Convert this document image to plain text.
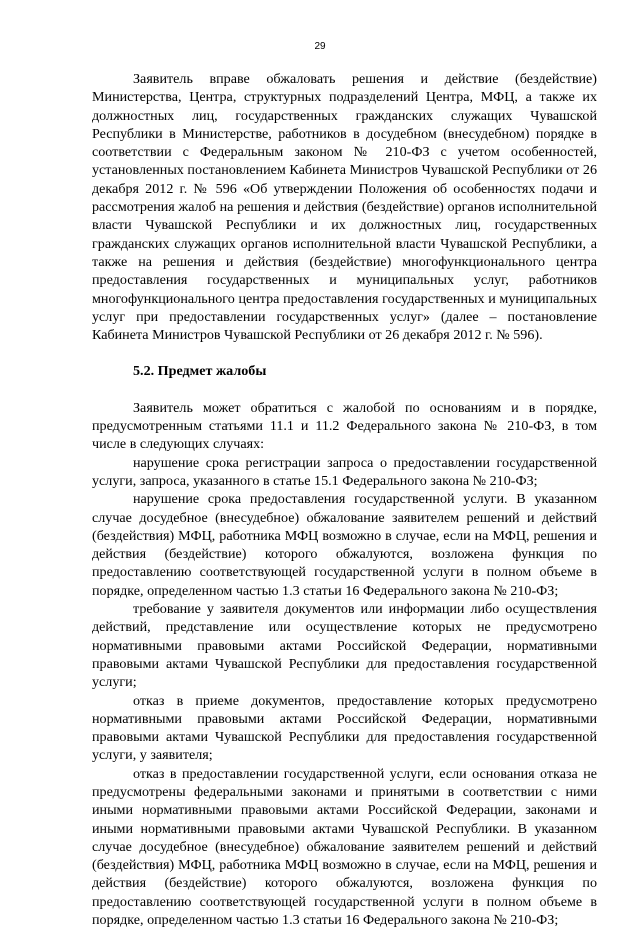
29

Заявитель вправе обжаловать решения и действие (бездействие) Министерства, Центра, структурных подразделений Центра, МФЦ, а также их должностных лиц, государственных гражданских служащих Чувашской Республики в Министерстве, работников в досудебном (внесудебном) порядке в соответствии с Федеральным законом № 210-ФЗ с учетом особенностей, установленных постановлением Кабинета Министров Чувашской Республики от 26 декабря 2012 г. № 596 «Об утверждении Положения об особенностях подачи и рассмотрения жалоб на решения и действия (бездействие) органов исполнительной власти Чувашской Республики и их должностных лиц, государственных гражданских служащих органов исполнительной власти Чувашской Республики, а также на решения и действия (бездействие) многофункционального центра предоставления государственных и муниципальных услуг, работников многофункционального центра предоставления государственных и муниципальных услуг при предоставлении государственных услуг» (далее – постановление Кабинета Министров Чувашской Республики от 26 декабря 2012 г. № 596).

5.2. Предмет жалобы

Заявитель может обратиться с жалобой по основаниям и в порядке, предусмотренным статьями 11.1 и 11.2 Федерального закона № 210-ФЗ, в том числе в следующих случаях:

нарушение срока регистрации запроса о предоставлении государственной услуги, запроса, указанного в статье 15.1 Федерального закона № 210-ФЗ;

нарушение срока предоставления государственной услуги. В указанном случае досудебное (внесудебное) обжалование заявителем решений и действий (бездействия) МФЦ, работника МФЦ возможно в случае, если на МФЦ, решения и действия (бездействие) которого обжалуются, возложена функция по предоставлению соответствующей государственной услуги в полном объеме в порядке, определенном частью 1.3 статьи 16 Федерального закона № 210-ФЗ;

требование у заявителя документов или информации либо осуществления действий, представление или осуществление которых не предусмотрено нормативными правовыми актами Российской Федерации, нормативными правовыми актами Чувашской Республики для предоставления государственной услуги;

отказ в приеме документов, предоставление которых предусмотрено нормативными правовыми актами Российской Федерации, нормативными правовыми актами Чувашской Республики для предоставления государственной услуги, у заявителя;

отказ в предоставлении государственной услуги, если основания отказа не предусмотрены федеральными законами и принятыми в соответствии с ними иными нормативными правовыми актами Российской Федерации, законами и иными нормативными правовыми актами Чувашской Республики. В указанном случае досудебное (внесудебное) обжалование заявителем решений и действий (бездействия) МФЦ, работника МФЦ возможно в случае, если на МФЦ, решения и действия (бездействие) которого обжалуются, возложена функция по предоставлению соответствующей государственной услуги в полном объеме в порядке, определенном частью 1.3 статьи 16 Федерального закона № 210-ФЗ;
